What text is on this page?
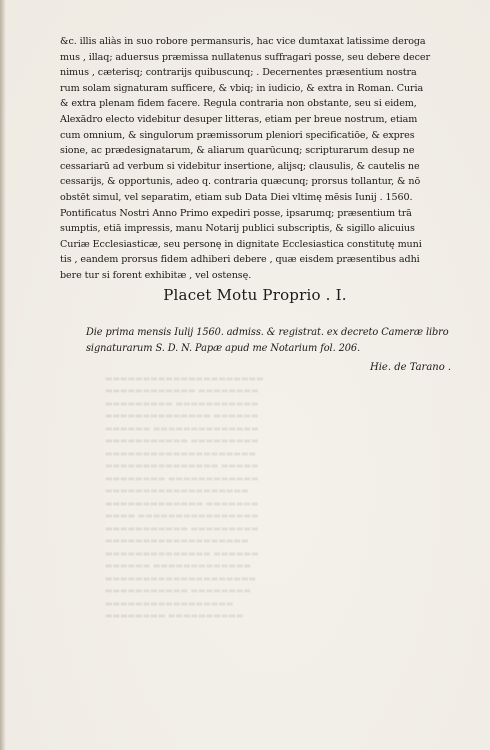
▬▬▬▬▬▬▬▬▬▬▬▬▬▬▬▬▬▬▬▬▬
▬▬▬▬▬▬▬▬ ▬▬▬▬▬▬▬▬▬▬▬▬
▬▬▬▬▬▬▬▬▬▬▬ ▬▬▬▬▬▬▬▬▬
▬▬▬▬▬▬ ▬▬▬▬▬▬▬▬▬▬▬▬▬▬
▬▬▬▬▬▬▬▬▬▬▬▬▬▬ ▬▬▬▬▬▬
▬▬▬▬▬▬▬▬▬ ▬▬▬▬▬▬▬▬▬▬▬
▬▬▬▬▬▬▬▬▬▬▬▬▬▬▬▬▬▬▬▬
▬▬▬▬▬ ▬▬▬▬▬▬▬▬▬▬▬▬▬▬▬
▬▬▬▬▬▬▬▬▬▬▬▬ ▬▬▬▬▬▬▬▬
▬▬▬▬▬▬▬▬▬▬▬▬▬▬▬▬▬▬▬
▬▬▬▬▬▬▬ ▬▬▬▬▬▬▬▬▬▬▬▬▬
▬▬▬▬▬▬▬▬▬▬▬▬▬▬▬▬ ▬▬▬▬
▬▬▬▬▬▬▬▬▬ ▬▬▬▬▬▬▬▬▬▬▬
▬▬▬▬▬▬▬▬▬▬▬▬▬▬▬▬▬▬▬
▬▬▬▬▬▬ ▬▬▬▬▬▬▬▬▬▬▬▬▬▬
▬▬▬▬▬▬▬▬▬▬▬▬▬ ▬▬▬▬▬▬
▬▬▬▬▬▬▬▬▬▬▬▬▬▬▬▬▬▬▬▬
▬▬▬▬▬▬▬▬ ▬▬▬▬▬▬▬▬▬▬▬
▬▬▬▬▬▬▬▬▬▬▬▬▬▬▬▬▬
▬▬▬▬▬▬▬▬▬▬ ▬▬▬▬▬▬▬▬

&c. illis aliàs in suo robore permansuris, hac vice dumtaxat latissime deroga
mus , illaq; aduersus præmissa nullatenus suffragari posse, seu debere decer
nimus , cæterisq; contrarijs quibuscunq; . Decernentes præsentium nostra
rum solam signaturam sufficere, & vbiq; in iudicio, & extra in Roman. Curia
& extra plenam fidem facere. Regula contraria non obstante, seu si eidem,
Alexādro electo videbitur desuper litteras, etiam per breue nostrum, etiam
cum omnium, & singulorum præmissorum pleniori specificatiōe, & expres
sione, ac prædesignatarum, & aliarum quarūcunq; scripturarum desup ne
cessariarū ad verbum si videbitur insertione, alijsq; clausulis, & cautelis ne
cessarijs, & opportunis, adeo q. contraria quæcunq; prorsus tollantur, & nō
obstēt simul, vel separatim, etiam sub Data Diei vltimę mēsis Iunij . 1560.
Pontificatus Nostri Anno Primo expediri posse, ipsarumq; præsentium trā
sumptis, etiā impressis, manu Notarij publici subscriptis, & sigillo alicuius
Curiæ Ecclesiasticæ, seu personę in dignitate Ecclesiastica constitutę muni
tis , eandem prorsus fidem adhiberi debere , quæ eisdem præsentibus adhi
bere tur si forent exhibitæ , vel ostensę.
Placet Motu Proprio . I.
Die prima mensis Iulij 1560. admiss. & registrat. ex decreto Cameræ libro
signaturarum S. D. N. Papæ apud me Notarium fol. 206.
Hie. de Tarano .
